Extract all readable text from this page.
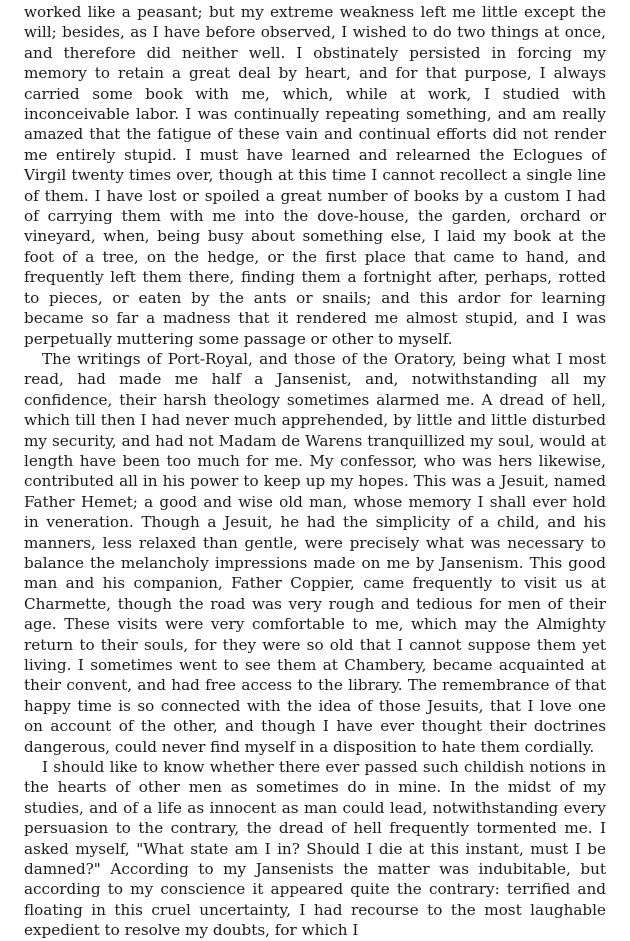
worked like a peasant; but my extreme weakness left me little except the will; besides, as I have before observed, I wished to do two things at once, and therefore did neither well. I obstinately persisted in forcing my memory to retain a great deal by heart, and for that purpose, I always carried some book with me, which, while at work, I studied with inconceivable labor. I was continually repeating something, and am really amazed that the fatigue of these vain and continual efforts did not render me entirely stupid. I must have learned and relearned the Eclogues of Virgil twenty times over, though at this time I cannot recollect a single line of them. I have lost or spoiled a great number of books by a custom I had of carrying them with me into the dove-house, the garden, orchard or vineyard, when, being busy about something else, I laid my book at the foot of a tree, on the hedge, or the first place that came to hand, and frequently left them there, finding them a fortnight after, perhaps, rotted to pieces, or eaten by the ants or snails; and this ardor for learning became so far a madness that it rendered me almost stupid, and I was perpetually muttering some passage or other to myself.

The writings of Port-Royal, and those of the Oratory, being what I most read, had made me half a Jansenist, and, notwithstanding all my confidence, their harsh theology sometimes alarmed me. A dread of hell, which till then I had never much apprehended, by little and little disturbed my security, and had not Madam de Warens tranquillized my soul, would at length have been too much for me. My confessor, who was hers likewise, contributed all in his power to keep up my hopes. This was a Jesuit, named Father Hemet; a good and wise old man, whose memory I shall ever hold in veneration. Though a Jesuit, he had the simplicity of a child, and his manners, less relaxed than gentle, were precisely what was necessary to balance the melancholy impressions made on me by Jansenism. This good man and his companion, Father Coppier, came frequently to visit us at Charmette, though the road was very rough and tedious for men of their age. These visits were very comfortable to me, which may the Almighty return to their souls, for they were so old that I cannot suppose them yet living. I sometimes went to see them at Chambery, became acquainted at their convent, and had free access to the library. The remembrance of that happy time is so connected with the idea of those Jesuits, that I love one on account of the other, and though I have ever thought their doctrines dangerous, could never find myself in a disposition to hate them cordially.

I should like to know whether there ever passed such childish notions in the hearts of other men as sometimes do in mine. In the midst of my studies, and of a life as innocent as man could lead, notwithstanding every persuasion to the contrary, the dread of hell frequently tormented me. I asked myself, "What state am I in? Should I die at this instant, must I be damned?" According to my Jansenists the matter was indubitable, but according to my conscience it appeared quite the contrary: terrified and floating in this cruel uncertainty, I had recourse to the most laughable expedient to resolve my doubts, for which I
